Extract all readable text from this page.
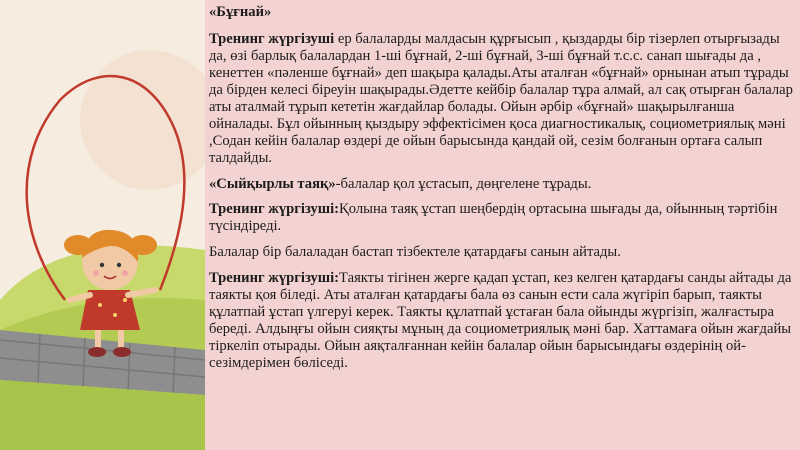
«Бұғнай»

Тренинг жүргізуші ер балаларды малдасын құрғысып , қыздарды бір тізерлеп отырғызады да, өзі барлық балалардан 1-ші бұғнай, 2-ші бұғнай, 3-ші бұғнай т.с.с. санап шығады да , кенеттен «пәленше бұғнай» деп шақыра қалады.Аты аталған «бұғнай» орнынан атып тұрады да бірден келесі біреуін шақырады.Әдетте кейбір балалар тұра алмай, ал сақ отырған балалар аты аталмай тұрып кететін жағдайлар болады. Ойын әрбір «бұғнай» шақырылғанша ойналады. Бұл ойынның қыздыру эффектісімен қоса диагностикалық, социометриялық мәні ,Содан кейін балалар өздері де ойын барысында қандай ой, сезім болғанын ортаға салып талдайды.

«Сыйқырлы таяқ»-балалар қол ұстасып, дөңгелене тұрады.

Тренинг жүргізуші:Қолына таяқ ұстап шеңбердің ортасына шығады да, ойынның тәртібін түсіндіреді.

Балалар бір балаладан бастап тізбектеле қатардағы санын айтады.

Тренинг жүргізуші:Таякты тігінен жерге қадап ұстап, кез келген қатардағы санды айтады да таякты қоя біледі. Аты аталған қатардағы бала өз санын ести сала жүгіріп барып, таякты құлатпай ұстап үлгеруі керек. Таякты құлатпай ұстаған бала ойынды жүргізіп, жалғастыра береді. Алдыңғы ойын сияқты мұның да социометриялық мәні бар. Хаттамаға ойын жағдайы тіркеліп отырады. Ойын аяқталғаннан кейін балалар ойын барысындағы өздерінің ой-сезімдерімен бөліседі.
